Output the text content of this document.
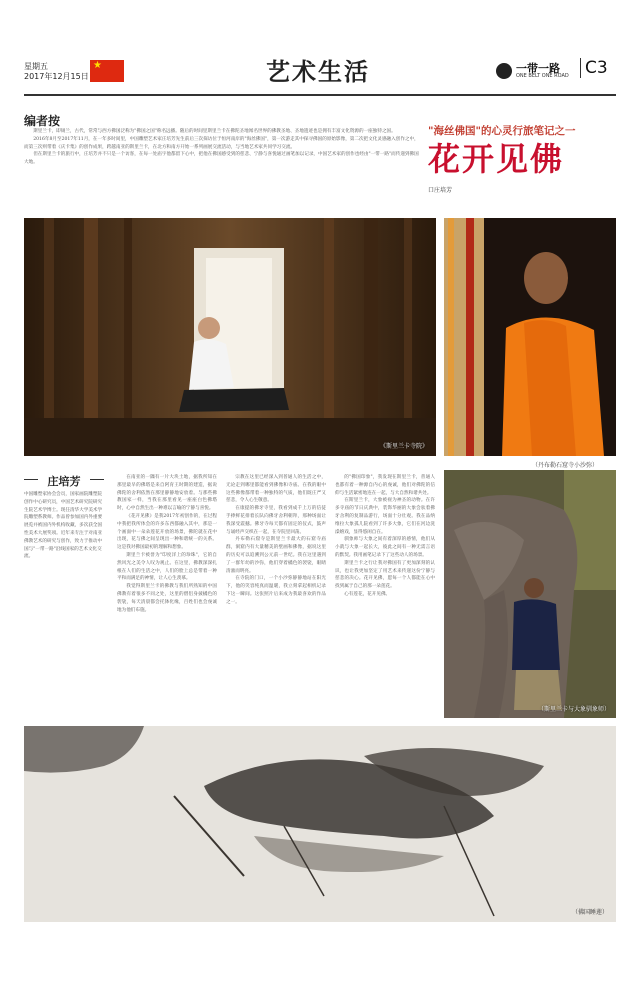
星期五
2017年12月15日
★	艺术生活	一带一路
ONE BELT ONE ROAD C3
编者按

斯里兰卡，即锡兰，古代，常常与西方佛国泛称为"佛国之国"称名远播。随后的时间里斯里兰卡在佛陀圣地闻名世界的佛教圣地、圣地遗迹也是拥有丰富文化资源的一座独特之国。

2016年8月至2017年11月，在一年多时间里，中国雕塑艺术家庄培芳先生前后三次探访位于恒河南岸的"海丝佛国"，第一次游走其中探寻佛国的原始影像，第二次把文化灵感融入创作之中，而第三次则带着《庆卡集》的创作成果，跨越南亚的斯里兰卡，在北方和南方开始一系列画展交流活动，与当地艺术家共同学习交流。

但在斯里兰卡的旅行中，庄培芳并不只是一个访客，在每一处庙宇他都留下心中，把他在佛国感受到的慈悲、宁静与喜悦通过画笔加以记录，中国艺术家的创作也经由"一带一路"而传递到佛国大地。

"海丝佛国"的心灵行旅笔记之一
花开见佛
口庄培芳
《斯里兰卡寺院》
（丹布勒石窟寺小沙弥）
庄培芳
中国雕塑家协会会员，国家画院雕塑院创作中心研究员，中国艺术研究院研究生院艺术学博士。现任清华大学美术学院雕塑系教师。作品曾参加国内外重要展览并被国内外机构收藏，多次获全国性美术大展奖项。近年来专注于对南亚佛教艺术的研究与创作，致力于推动中国与"一带一路"沿线国家的艺术文化交流。

在南亚的一隅有一片大块土地，据我所知在那里最早的佛塔是来自阿育王时期的建造，据说佛陀的舍利依然在那里静静地安放着。与那些佛教国家一样，当我在那里看见一座座白色佛塔时，心中自然生出一种难以言喻的宁静与喜悦。

《花开见佛》是我2017年初创作的，在过程中我把我所体会的许多东西都融入其中，那是一个画面中一朵朵莲花开放的场景，佛陀就在花中出现，花与佛之间呈现出一种和谐统一的关系。这是我对佛国最初的理解和想象。

斯里兰卡被誉为"印度洋上的珍珠"，它的自然风光之美令人叹为观止。在这里，佛教深深扎根在人们的生活之中，人们的脸上总是带着一种平和而满足的神情，让人心生羡慕。

我觉得斯里兰卡的佛教与我们所熟知的中国佛教有着很多不同之处，这里的僧侣身披橘色的袈裟，每天清晨都会托钵化缘，百姓们也会虔诚地为他们布施。

宗教在这里已经深入到普通人的生活之中，无论走到哪里都能看到佛像和寺庙。在我的眼中这些佛像都带着一种独特的气质，他们既庄严又慈悲，令人心生敬意。

在康提的佛牙寺里，我看到成千上万的信徒手捧鲜花排着长队向佛牙舍利朝拜，那种场面让我深受震撼。佛牙寺每天都有固定的仪式，鼓声与诵经声交织在一起，在寺院里回荡。

丹布勒石窟寺是斯里兰卡最大的石窟寺庙群，洞窟内有大量精美的壁画和佛像，据说这里的历史可以追溯到公元前一世纪。我在这里遇到了一群年幼的沙弥，他们穿着橘色的袈裟，眼睛清澈而明亮。

在寺院的门口，一个小沙弥静静地站在阳光下，他的笑容纯真而温暖，我立刻拿起相机记录下这一瞬间。这张照片后来成为我最喜欢的作品之一。

的"佛国印象"，我发现在斯里兰卡，普通人也都有着一种源自内心的虔诚，他们对佛陀的信仰与生活紧密地连在一起，与大自然和谐共处。

在斯里兰卡，大象被视为神圣的动物。在许多寺庙的节日庆典中，装饰华丽的大象会驮着佛牙舍利的复制品游行，场面十分壮观。我在品纳维拉大象孤儿院看到了许多大象，它们在河边洗澡嬉戏，显得悠闲自在。

驯象师与大象之间有着深厚的感情，他们从小就与大象一起长大，彼此之间有一种无需言语的默契。我用画笔记录下了这些动人的场景。

斯里兰卡之行让我对佛国有了更加深刻的认识，也让我更加坚定了用艺术来传递这份宁静与慈悲的决心。花开见佛，愿每一个人都能在心中找到属于自己的那一朵莲花。

心有莲花，花开见佛。

（斯里兰卡与大象驯象师）
（佛国睡莲）
